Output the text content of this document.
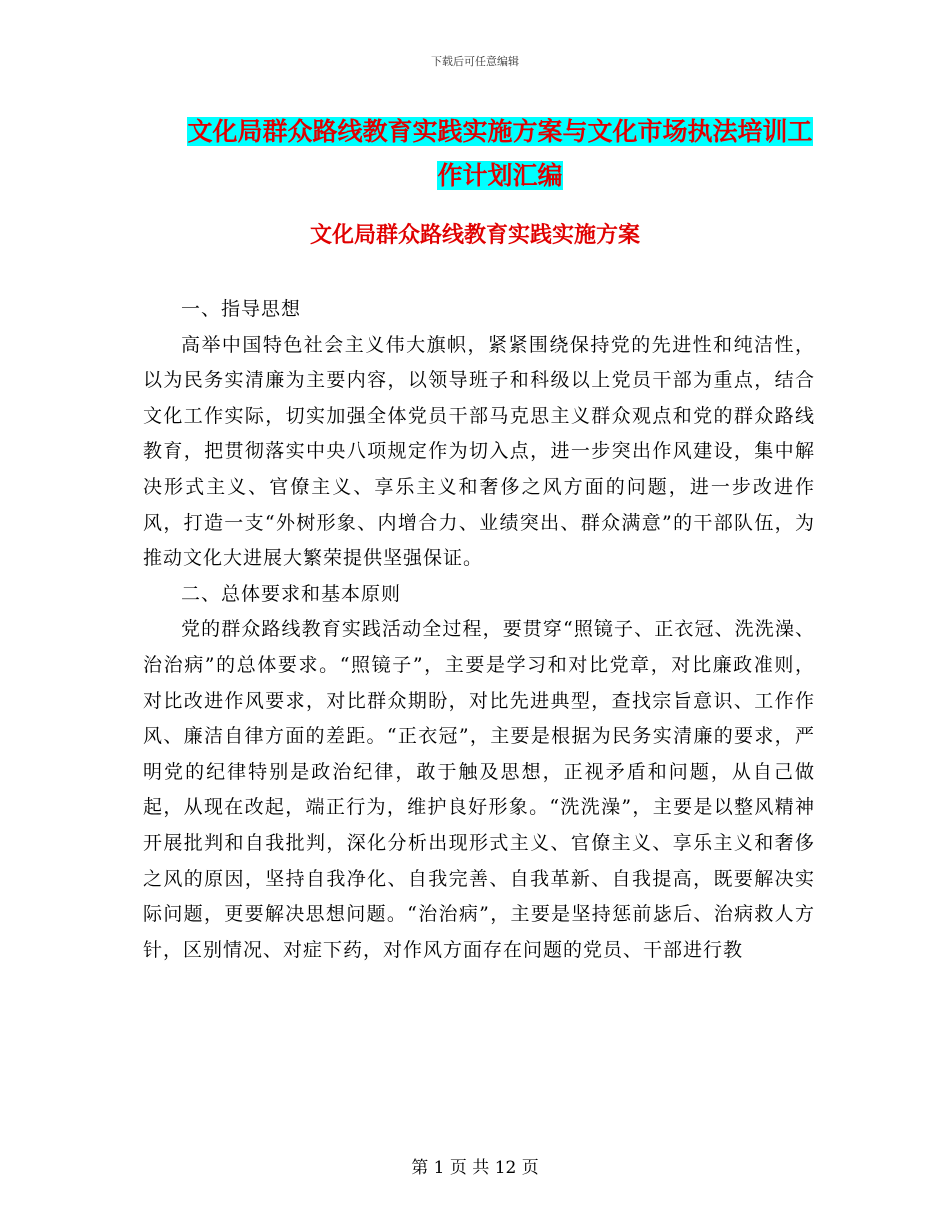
下载后可任意编辑
文化局群众路线教育实践实施方案与文化市场执法培训工作计划汇编
文化局群众路线教育实践实施方案

一、指导思想

高举中国特色社会主义伟大旗帜，紧紧围绕保持党的先进性和纯洁性，以为民务实清廉为主要内容，以领导班子和科级以上党员干部为重点，结合文化工作实际，切实加强全体党员干部马克思主义群众观点和党的群众路线教育，把贯彻落实中央八项规定作为切入点，进一步突出作风建设，集中解决形式主义、官僚主义、享乐主义和奢侈之风方面的问题，进一步改进作风，打造一支“外树形象、内增合力、业绩突出、群众满意”的干部队伍，为推动文化大进展大繁荣提供坚强保证。

二、总体要求和基本原则

党的群众路线教育实践活动全过程，要贯穿“照镜子、正衣冠、洗洗澡、治治病”的总体要求。“照镜子”，主要是学习和对比党章，对比廉政准则，对比改进作风要求，对比群众期盼，对比先进典型，查找宗旨意识、工作作风、廉洁自律方面的差距。“正衣冠”，主要是根据为民务实清廉的要求，严明党的纪律特别是政治纪律，敢于触及思想，正视矛盾和问题，从自己做起，从现在改起，端正行为，维护良好形象。“洗洗澡”，主要是以整风精神开展批判和自我批判，深化分析出现形式主义、官僚主义、享乐主义和奢侈之风的原因，坚持自我净化、自我完善、自我革新、自我提高，既要解决实际问题，更要解决思想问题。“治治病”，主要是坚持惩前毖后、治病救人方针，区别情况、对症下药，对作风方面存在问题的党员、干部进行教

第 1 页 共 12 页
